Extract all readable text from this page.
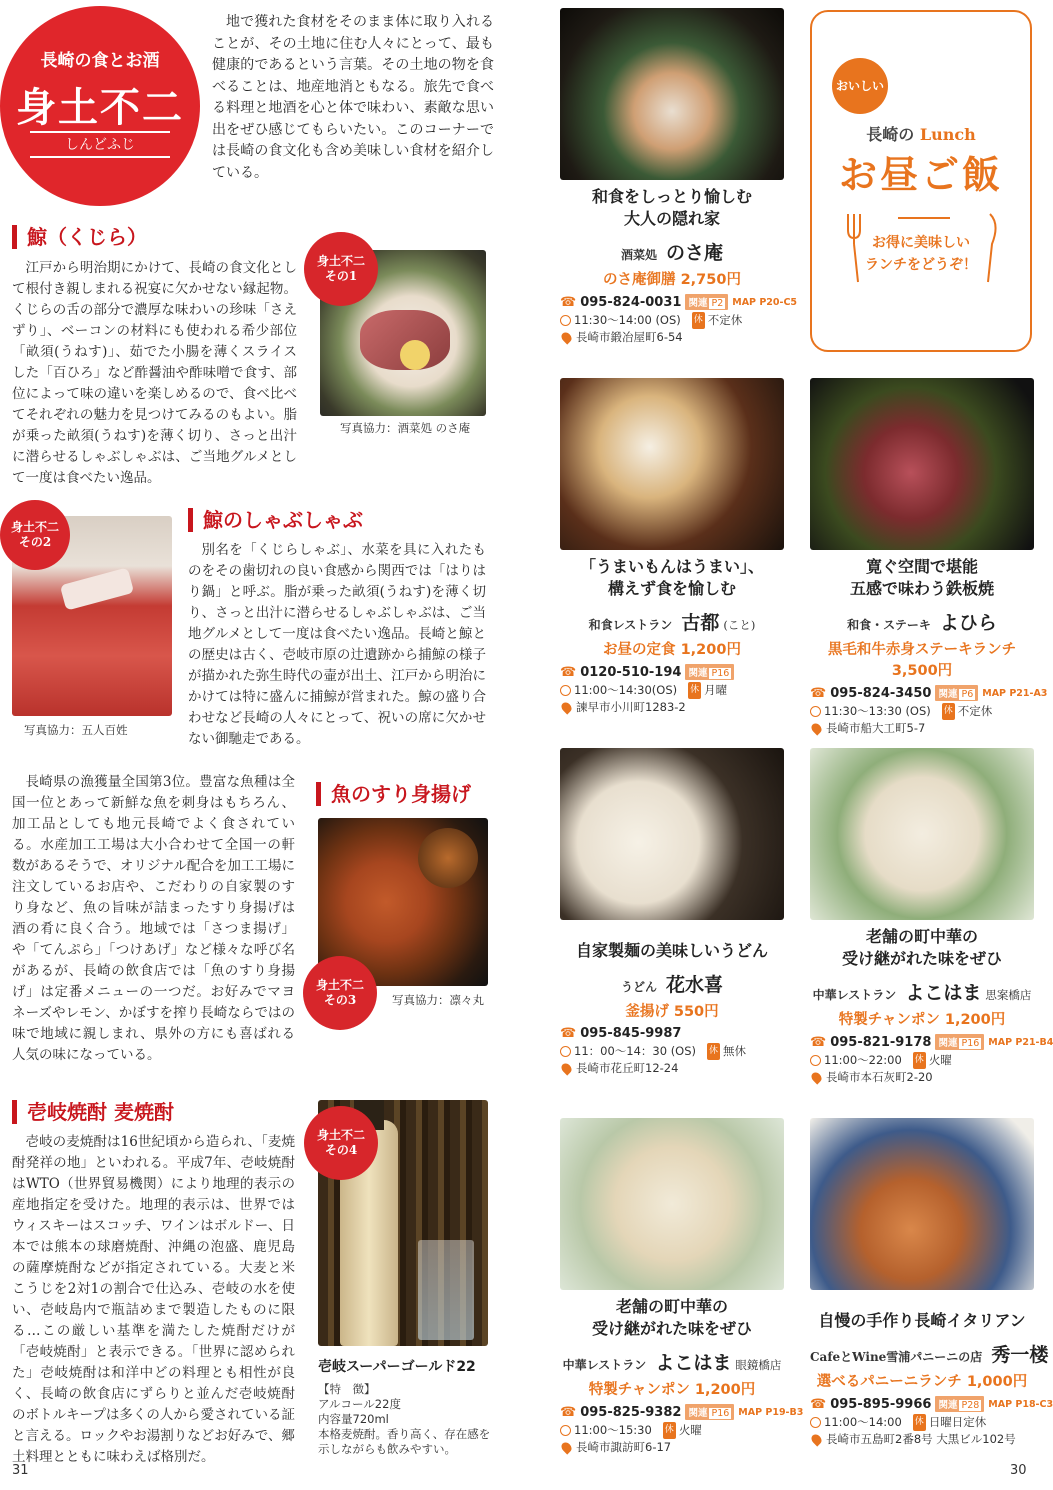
長崎の食とお酒
身土不二
しんどふじ

地で獲れた食材をそのまま体に取り入れることが、その土地に住む人々にとって、最も健康的であるという言葉。その土地の物を食べることは、地産地消ともなる。旅先で食べる料理と地酒を心と体で味わい、素敵な思い出をぜひ感じてもらいたい。このコーナーでは長崎の食文化も含め美味しい食材を紹介している。

鯨（くじら）

江戸から明治期にかけて、長崎の食文化として根付き親しまれる祝宴に欠かせない縁起物。くじらの舌の部分で濃厚な味わいの珍味「さえずり」、ベーコンの材料にも使われる希少部位「畝須(うねす)」、茹でた小腸を薄くスライスした「百ひろ」など酢醤油や酢味噌で食す、部位によって味の違いを楽しめるので、食べ比べてそれぞれの魅力を見つけてみるのもよい。脂が乗った畝須(うねす)を薄く切り、さっと出汁に潜らせるしゃぶしゃぶは、ご当地グルメとして一度は食べたい逸品。

身土不二
その1
写真協力：酒菜処 のさ庵
身土不二
その2
写真協力：五人百姓
鯨のしゃぶしゃぶ

別名を「くじらしゃぶ」、水菜を具に入れたものをその歯切れの良い食感から関西では「はりはり鍋」と呼ぶ。脂が乗った畝須(うねす)を薄く切り、さっと出汁に潜らせるしゃぶしゃぶは、ご当地グルメとして一度は食べたい逸品。長崎と鯨との歴史は古く、壱岐市原の辻遺跡から捕鯨の様子が描かれた弥生時代の壷が出土、江戸から明治にかけては特に盛んに捕鯨が営まれた。鯨の盛り合わせなど長崎の人々にとって、祝いの席に欠かせない御馳走である。

長崎県の漁獲量全国第3位。豊富な魚種は全国一位とあって新鮮な魚を刺身はもちろん、加工品としても地元長崎でよく食されている。水産加工工場は大小合わせて全国一の軒数があるそうで、オリジナル配合を加工工場に注文しているお店や、こだわりの自家製のすり身など、魚の旨味が詰まったすり身揚げは酒の肴に良く合う。地域では「さつま揚げ」や「てんぷら」「つけあげ」など様々な呼び名があるが、長崎の飲食店では「魚のすり身揚げ」は定番メニューの一つだ。お好みでマヨネーズやレモン、かぼすを搾り長崎ならではの味で地域に親しまれ、県外の方にも喜ばれる人気の味になっている。

魚のすり身揚げ
身土不二
その3	写真協力：凛々丸
壱岐焼酎 麦焼酎

壱岐の麦焼酎は16世紀頃から造られ、「麦焼酎発祥の地」といわれる。平成7年、壱岐焼酎はWTO（世界貿易機関）により地理的表示の産地指定を受けた。地理的表示は、世界ではウィスキーはスコッチ、ワインはボルドー、日本では熊本の球磨焼酎、沖縄の泡盛、鹿児島の薩摩焼酎などが指定されている。大麦と米こうじを2対1の割合で仕込み、壱岐の水を使い、壱岐島内で瓶詰めまで製造したものに限る…この厳しい基準を満たした焼酎だけが「壱岐焼酎」と表示できる。「世界に認められた」壱岐焼酎は和洋中どの料理とも相性が良く、長崎の飲食店にずらりと並んだ壱岐焼酎のボトルキープは多くの人から愛されている証と言える。ロックやお湯割りなどお好みで、郷土料理とともに味わえば格別だ。

身土不二
その4
壱岐スーパーゴールド22
【特　徴】
アルコール22度
内容量720ml
本格麦焼酎。香り高く、存在感を
示しながらも飲みやすい。
31
おいしい
長崎の Lunch
お昼ご飯
お得に美味しい
ランチをどうぞ！
和食をしっとり愉しむ
大人の隠れ家
酒菜処 のさ庵
のさ庵御膳 2,750円
☎ 095-824-0031 関連 P2 MAP P20-C5
11:30〜14:00 (OS) 休 不定休
長崎市鍛冶屋町6-54
「うまいもんはうまい」、
構えず食を愉しむ
和食レストラン 古都 (こと)
お昼の定食 1,200円
☎ 0120-510-194 関連 P16
11:00〜14:30(OS) 休 月曜
諫早市小川町1283-2
寛ぐ空間で堪能
五感で味わう鉄板焼
和食・ステーキ よひら
黒毛和牛赤身ステーキランチ 3,500円
☎ 095-824-3450 関連 P6 MAP P21-A3
11:30〜13:30 (OS) 休 不定休
長崎市船大工町5-7
自家製麺の美味しいうどん
うどん 花水喜
釜揚げ 550円
☎ 095-845-9987
11：00〜14：30 (OS) 休 無休
長崎市花丘町12-24
老舗の町中華の
受け継がれた味をぜひ
中華レストラン よこはま 思案橋店
特製チャンポン 1,200円
☎ 095-821-9178 関連 P16 MAP P21-B4
11:00〜22:00 休 火曜
長崎市本石灰町2-20
老舗の町中華の
受け継がれた味をぜひ
中華レストラン よこはま 眼鏡橋店
特製チャンポン 1,200円
☎ 095-825-9382 関連 P16 MAP P19-B3
11:00〜15:30 休 火曜
長崎市諏訪町6-17
自慢の手作り長崎イタリアン
CafeとWine雪浦パニーニの店 秀一楼
選べるパニーニランチ 1,000円
☎ 095-895-9966 関連 P28 MAP P18-C3
11:00〜14:00 休 日曜日定休
長崎市五島町2番8号 大黒ビル102号
30
